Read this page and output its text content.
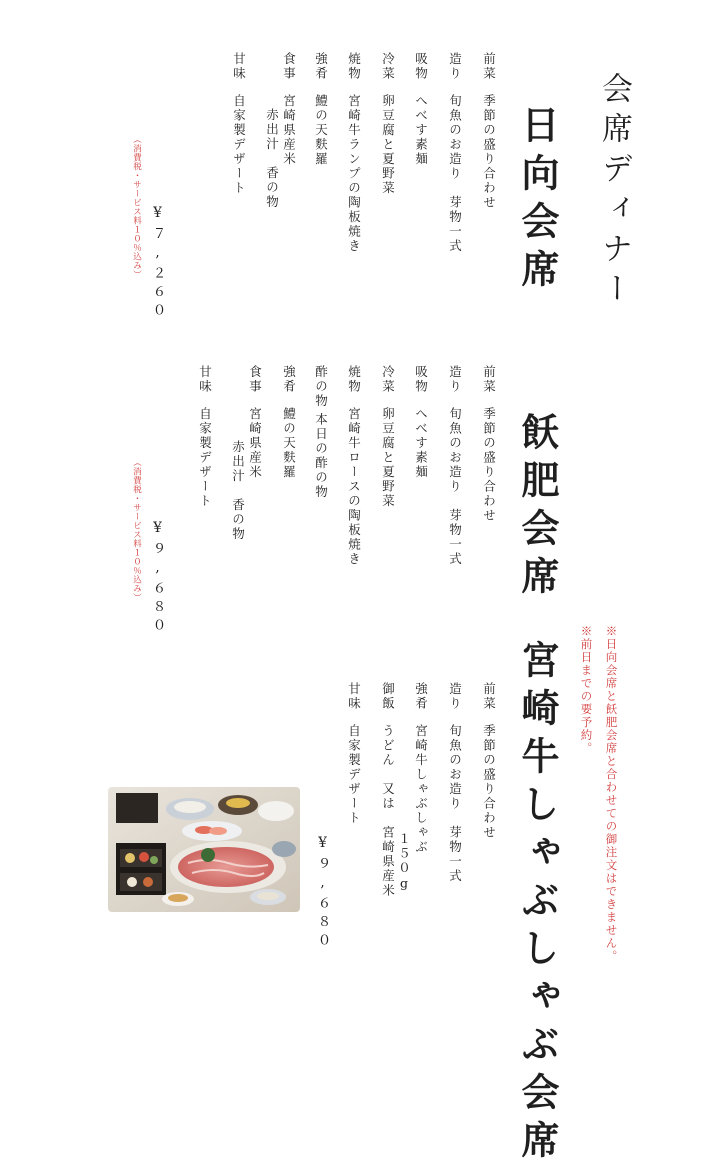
会席ディナー
日向会席
前菜季節の盛り合わせ
造り旬魚のお造り　芽物一式
吸物へべす素麺
冷菜卵豆腐と夏野菜
焼物宮崎牛ランプの陶板焼き
強肴鱧の天麩羅
食事宮崎県産米
赤出汁　香の物
甘味自家製デザート
¥７,２６０
（消費税・サービス料１０％込み）
飫肥会席
前菜季節の盛り合わせ
造り旬魚のお造り　芽物一式
吸物へべす素麺
冷菜卵豆腐と夏野菜
焼物宮崎牛ロースの陶板焼き
酢の物本日の酢の物
強肴鱧の天麩羅
食事宮崎県産米
赤出汁　香の物
甘味自家製デザート
¥９,６８０
（消費税・サービス料１０％込み）
※日向会席と飫肥会席と合わせての御注文はできません。
※前日までの要予約。
宮崎牛しゃぶしゃぶ会席
前菜季節の盛り合わせ
造り旬魚のお造り　芽物一式
強肴宮崎牛しゃぶしゃぶ
１５０g
御飯うどん　又は　宮崎県産米
甘味自家製デザート
¥９,６８０
